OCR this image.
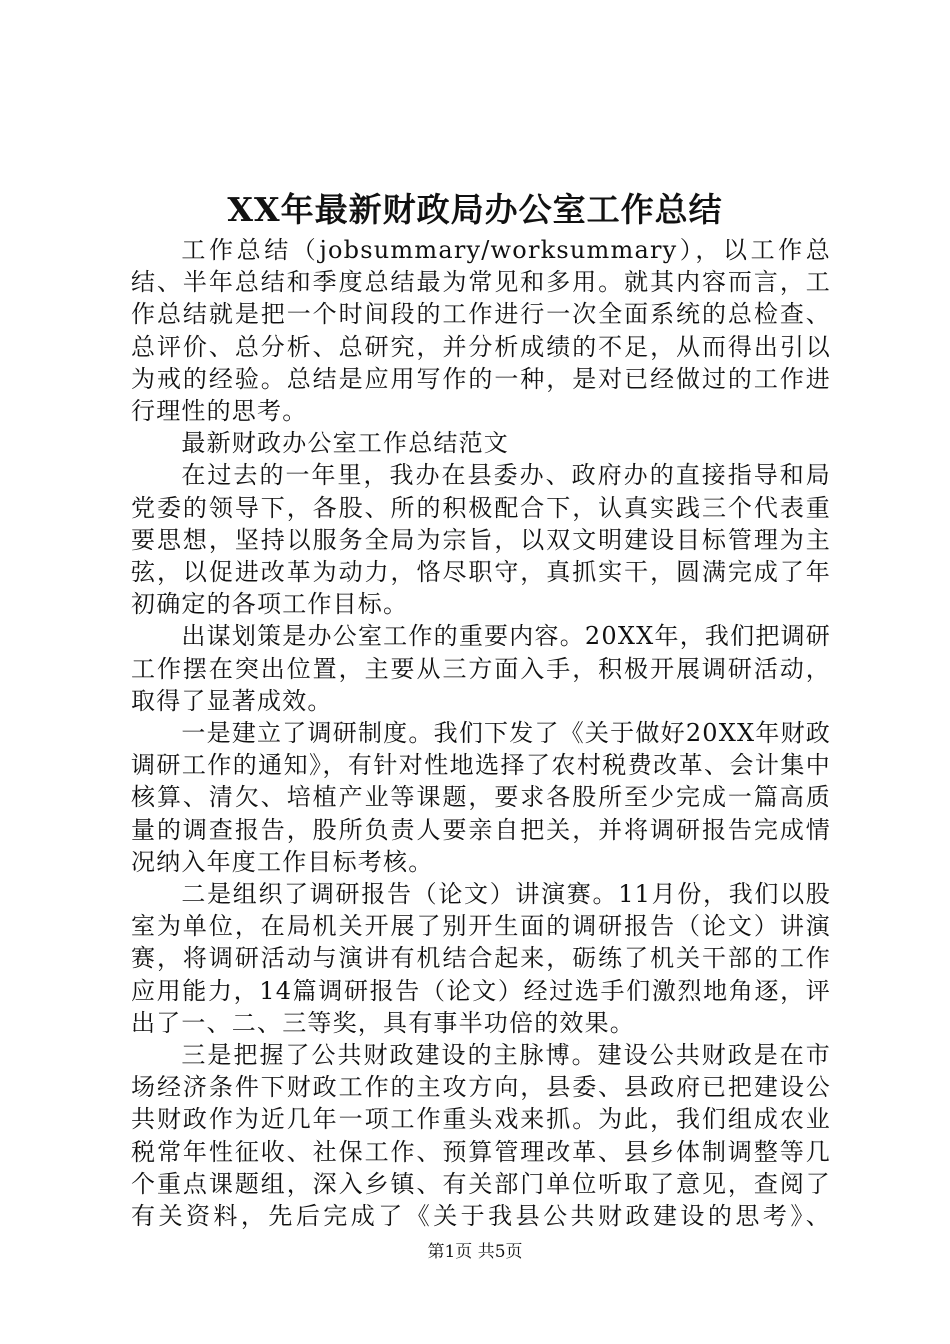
XX年最新财政局办公室工作总结

工作总结（jobsummary/worksummary），以工作总结、半年总结和季度总结最为常见和多用。就其内容而言，工作总结就是把一个时间段的工作进行一次全面系统的总检查、总评价、总分析、总研究，并分析成绩的不足，从而得出引以为戒的经验。总结是应用写作的一种，是对已经做过的工作进行理性的思考。

最新财政办公室工作总结范文

在过去的一年里，我办在县委办、政府办的直接指导和局党委的领导下，各股、所的积极配合下，认真实践三个代表重要思想，坚持以服务全局为宗旨，以双文明建设目标管理为主弦，以促进改革为动力，恪尽职守，真抓实干，圆满完成了年初确定的各项工作目标。

出谋划策是办公室工作的重要内容。20XX年，我们把调研工作摆在突出位置，主要从三方面入手，积极开展调研活动，取得了显著成效。

一是建立了调研制度。我们下发了《关于做好20XX年财政调研工作的通知》，有针对性地选择了农村税费改革、会计集中核算、清欠、培植产业等课题，要求各股所至少完成一篇高质量的调查报告，股所负责人要亲自把关，并将调研报告完成情况纳入年度工作目标考核。

二是组织了调研报告（论文）讲演赛。11月份，我们以股室为单位，在局机关开展了别开生面的调研报告（论文）讲演赛，将调研活动与演讲有机结合起来，砺练了机关干部的工作应用能力，14篇调研报告（论文）经过选手们激烈地角逐，评出了一、二、三等奖，具有事半功倍的效果。

三是把握了公共财政建设的主脉博。建设公共财政是在市场经济条件下财政工作的主攻方向，县委、县政府已把建设公共财政作为近几年一项工作重头戏来抓。为此，我们组成农业税常年性征收、社保工作、预算管理改革、县乡体制调整等几个重点课题组，深入乡镇、有关部门单位听取了意见，查阅了有关资料，先后完成了《关于我县公共财政建设的思考》、

第1页 共5页
